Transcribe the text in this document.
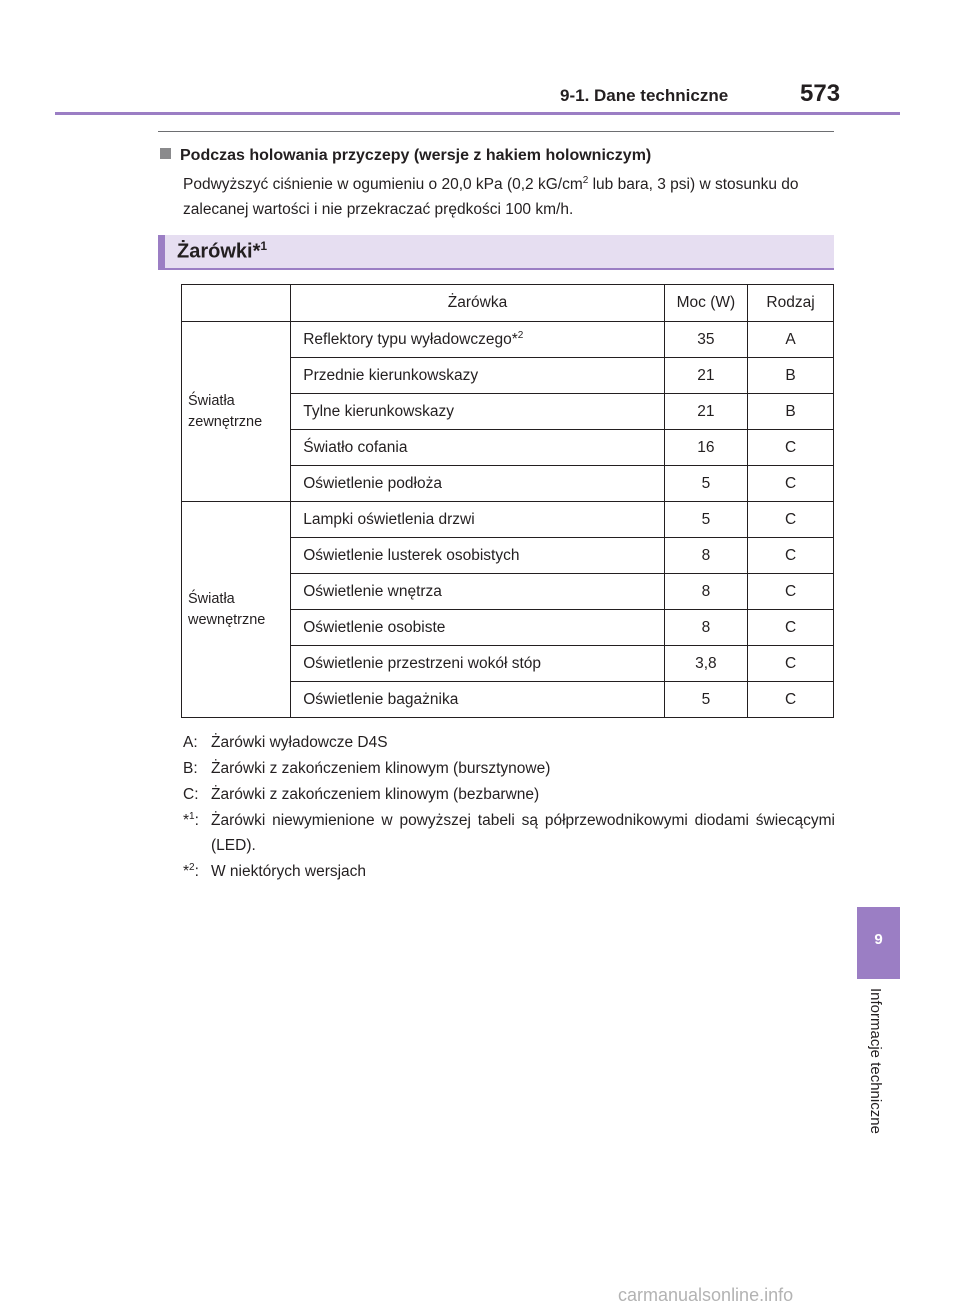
9-1. Dane techniczne	573
Podczas holowania przyczepy (wersje z hakiem holowniczym)
Podwyższyć ciśnienie w ogumieniu o 20,0 kPa (0,2 $kG/cm^2$ lub bara, 3 psi) w stosunku do zalecanej wartości i nie przekraczać prędkości 100 km/h.
Żarówki*$^1$
	Żarówka	Moc (W)	Rodzaj
Światła zewnętrzne	Reflektory typu wyładowczego*$^2$	35	A
	Przednie kierunkowskazy	21	B
	Tylne kierunkowskazy	21	B
	Światło cofania	16	C
	Oświetlenie podłoża	5	C
Światła wewnętrzne	Lampki oświetlenia drzwi	5	C
	Oświetlenie lusterek osobistych	8	C
	Oświetlenie wnętrza	8	C
	Oświetlenie osobiste	8	C
	Oświetlenie przestrzeni wokół stóp	3,8	C
	Oświetlenie bagażnika	5	C
A: Żarówki wyładowcze D4S
B: Żarówki z zakończeniem klinowym (bursztynowe)
C: Żarówki z zakończeniem klinowym (bezbarwne)
*$^1$: Żarówki niewymienione w powyższej tabeli są półprzewodnikowymi diodami świecącymi (LED).
*$^2$: W niektórych wersjach
9
Informacje techniczne
carmanualsonline.info
